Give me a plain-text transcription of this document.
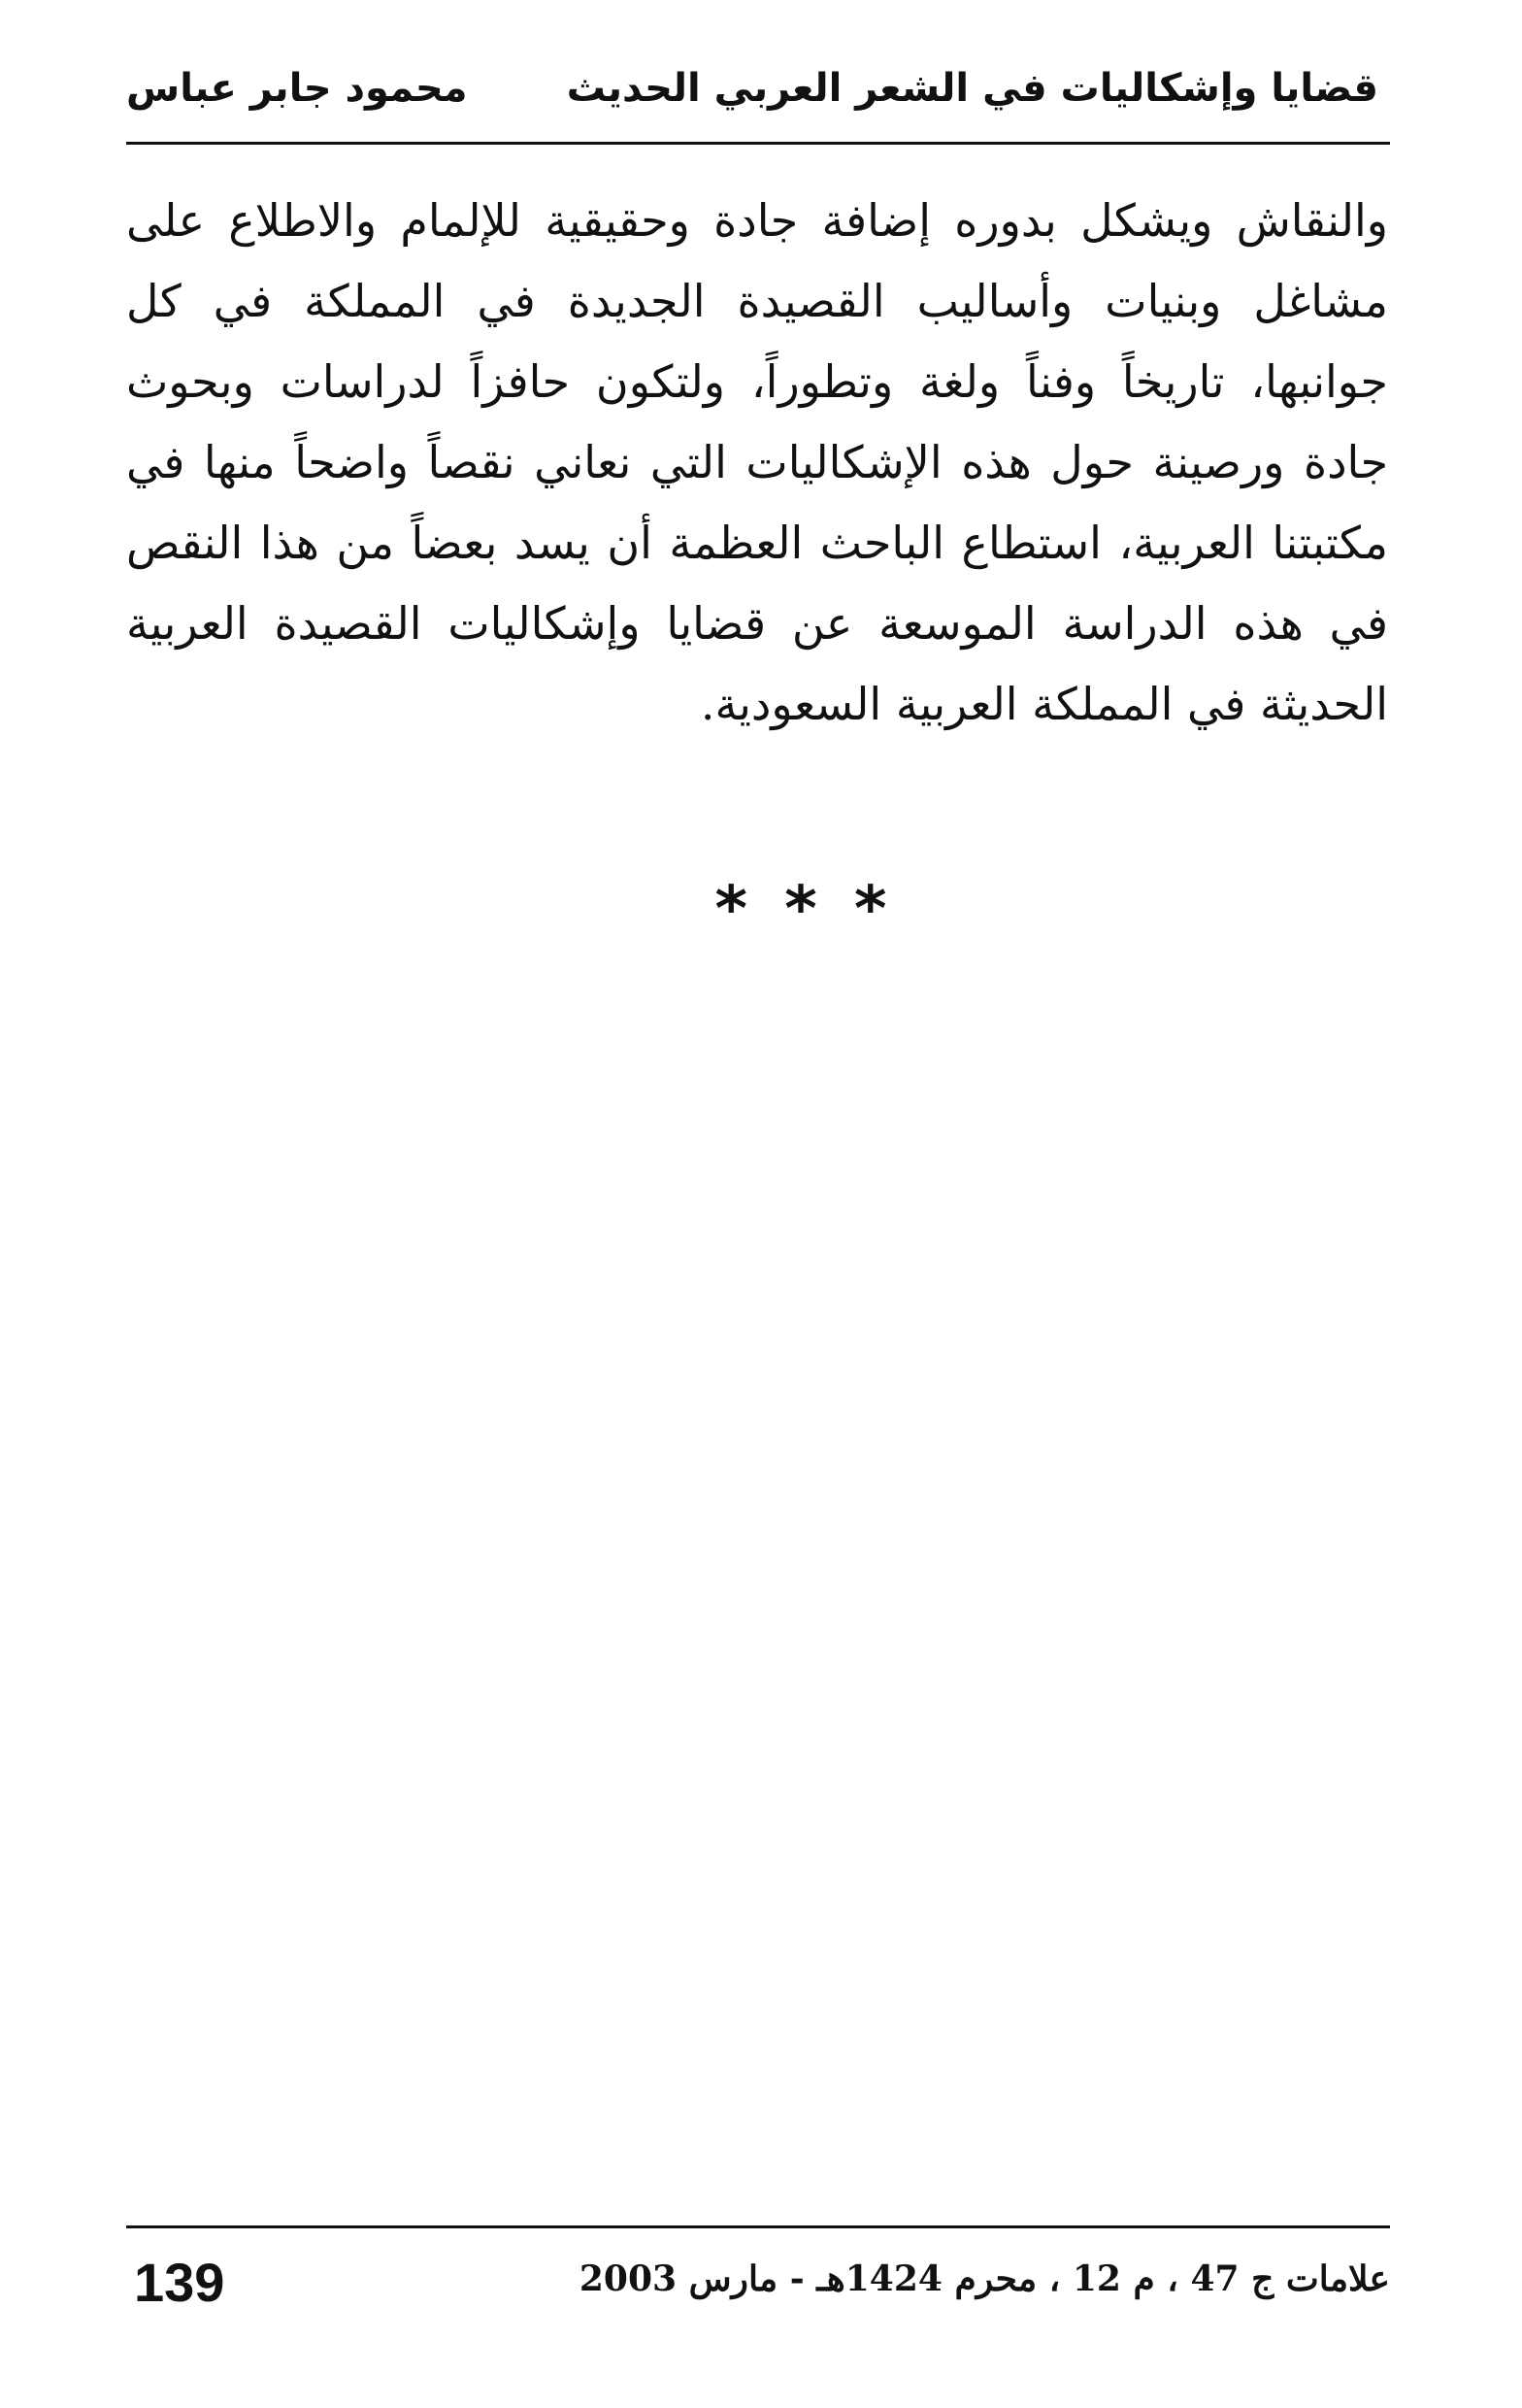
قضايا وإشكاليات في الشعر العربي الحديث
محمود جابر عباس

والنقاش ويشكل بدوره إضافة جادة وحقيقية للإلمام والاطلاع على مشاغل وبنيات وأساليب القصيدة الجديدة في المملكة في كل جوانبها، تاريخاً وفناً ولغة وتطوراً، ولتكون حافزاً لدراسات وبحوث جادة ورصينة حول هذه الإشكاليات التي نعاني نقصاً واضحاً منها في مكتبتنا العربية، استطاع الباحث العظمة أن يسد بعضاً من هذا النقص في هذه الدراسة الموسعة عن قضايا وإشكاليات القصيدة العربية الحديثة في المملكة العربية السعودية.

* * *
139	علامات ج 47 ، م 12 ، محرم 1424هـ - مارس 2003
